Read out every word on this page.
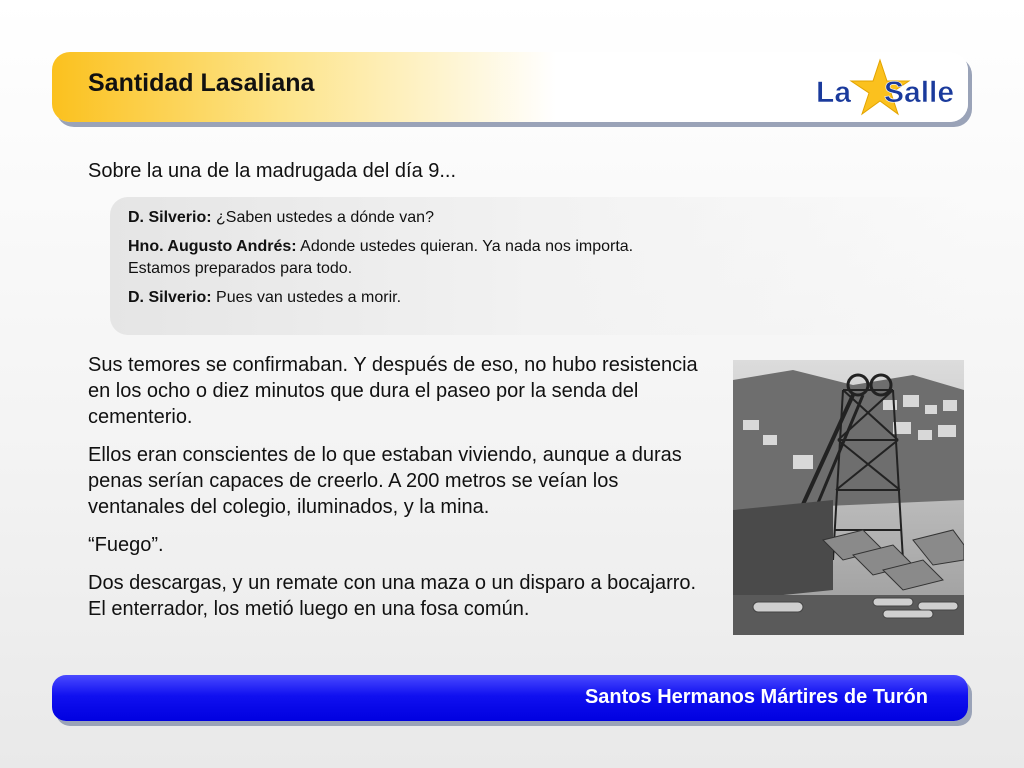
Santidad Lasaliana	La Salle
Sobre la una de la madrugada del día 9...

D. Silverio: ¿Saben ustedes a dónde van?

Hno. Augusto Andrés: Adonde ustedes quieran. Ya nada nos importa.
Estamos preparados para todo.

D. Silverio: Pues van ustedes a morir.

Sus temores se confirmaban. Y después de eso, no hubo resistencia en los ocho o diez minutos que dura el paseo por la senda del cementerio.

Ellos eran conscientes de lo que estaban viviendo, aunque a duras penas serían capaces de creerlo. A 200 metros se veían los ventanales del colegio, iluminados, y la mina.

“Fuego”.

Dos descargas, y un remate con una maza o un disparo a bocajarro. El enterrador, los metió luego en una fosa común.

Santos Hermanos Mártires de Turón
